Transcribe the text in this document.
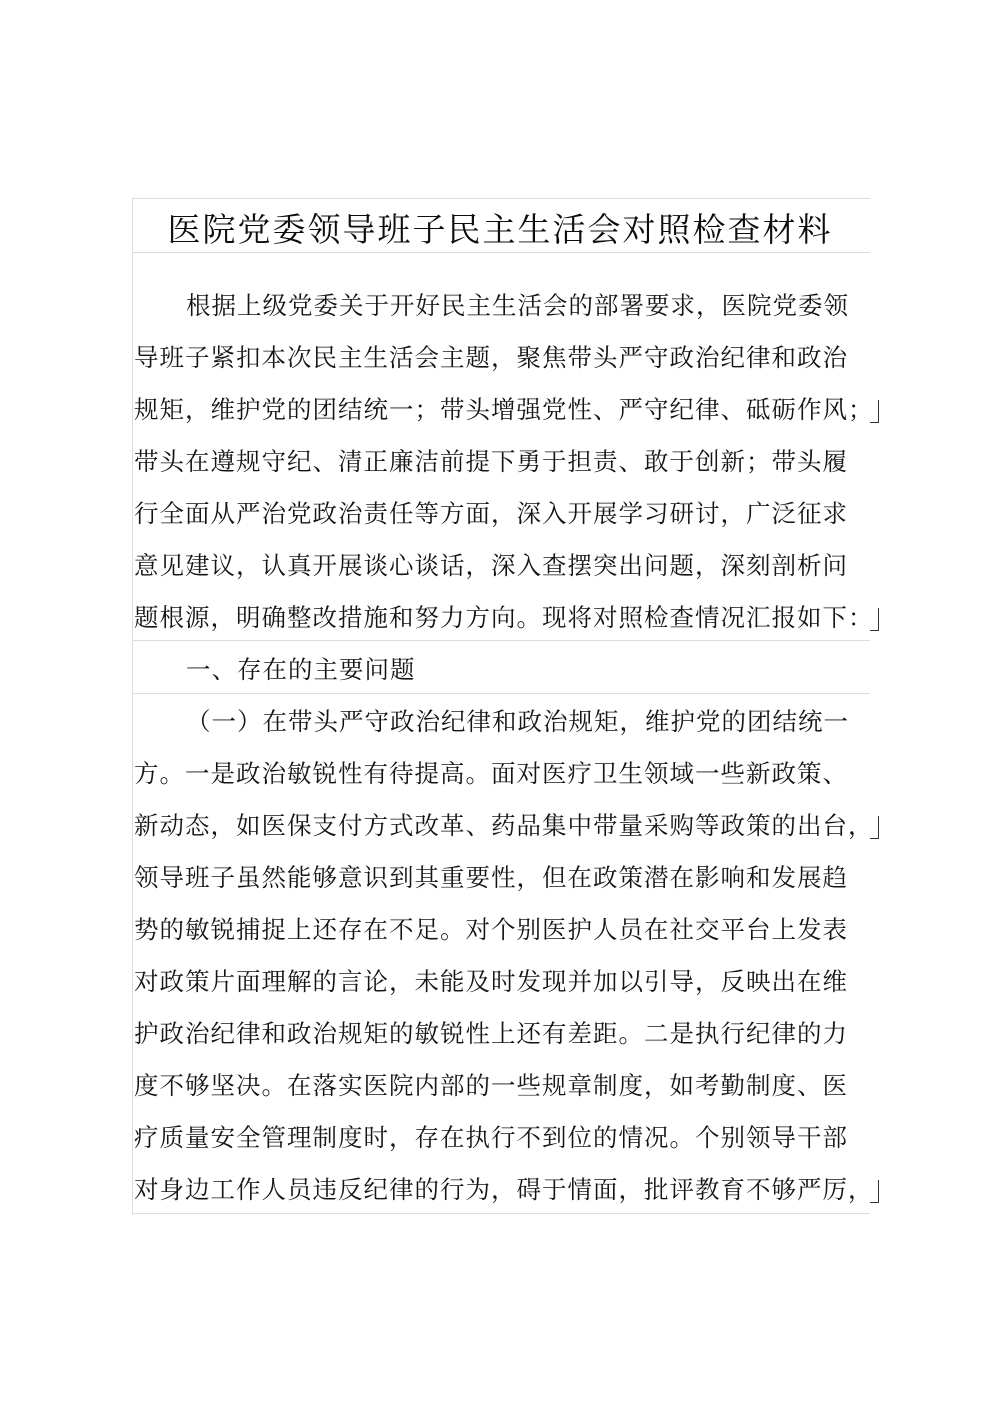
医院党委领导班子民主生活会对照检查材料
根据上级党委关于开好民主生活会的部署要求，医院党委领
导班子紧扣本次民主生活会主题，聚焦带头严守政治纪律和政治
规矩，维护党的团结统一；带头增强党性、严守纪律、砥砺作风；
带头在遵规守纪、清正廉洁前提下勇于担责、敢于创新；带头履
行全面从严治党政治责任等方面，深入开展学习研讨，广泛征求
意见建议，认真开展谈心谈话，深入查摆突出问题，深刻剖析问
题根源，明确整改措施和努力方向。现将对照检查情况汇报如下：
一、存在的主要问题
（一）在带头严守政治纪律和政治规矩，维护党的团结统一
方。一是政治敏锐性有待提高。面对医疗卫生领域一些新政策、
新动态，如医保支付方式改革、药品集中带量采购等政策的出台，
领导班子虽然能够意识到其重要性，但在政策潜在影响和发展趋
势的敏锐捕捉上还存在不足。对个别医护人员在社交平台上发表
对政策片面理解的言论，未能及时发现并加以引导，反映出在维
护政治纪律和政治规矩的敏锐性上还有差距。二是执行纪律的力
度不够坚决。在落实医院内部的一些规章制度，如考勤制度、医
疗质量安全管理制度时，存在执行不到位的情况。个别领导干部
对身边工作人员违反纪律的行为，碍于情面，批评教育不够严厉，
